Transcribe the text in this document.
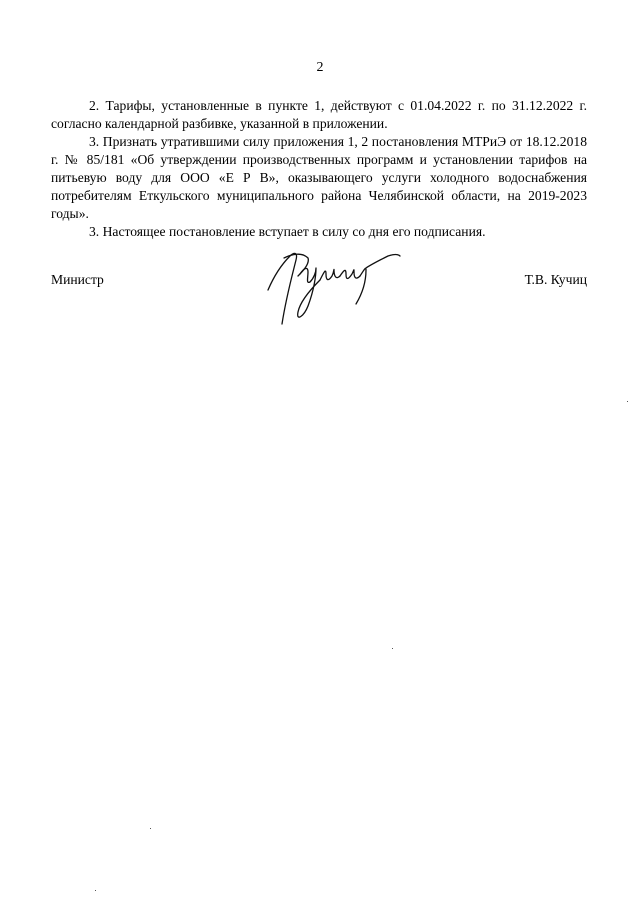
2

2. Тарифы, установленные в пункте 1, действуют с 01.04.2022 г. по 31.12.2022 г. согласно календарной разбивке, указанной в приложении.

3. Признать утратившими силу приложения 1, 2 постановления МТРиЭ от 18.12.2018 г. № 85/181 «Об утверждении производственных программ и установлении тарифов на питьевую воду для ООО «Е Р В», оказывающего услуги холодного водоснабжения потребителям Еткульского муниципального района Челябинской области, на 2019-2023 годы».

3. Настоящее постановление вступает в силу со дня его подписания.

Министр	Т.В. Кучиц
